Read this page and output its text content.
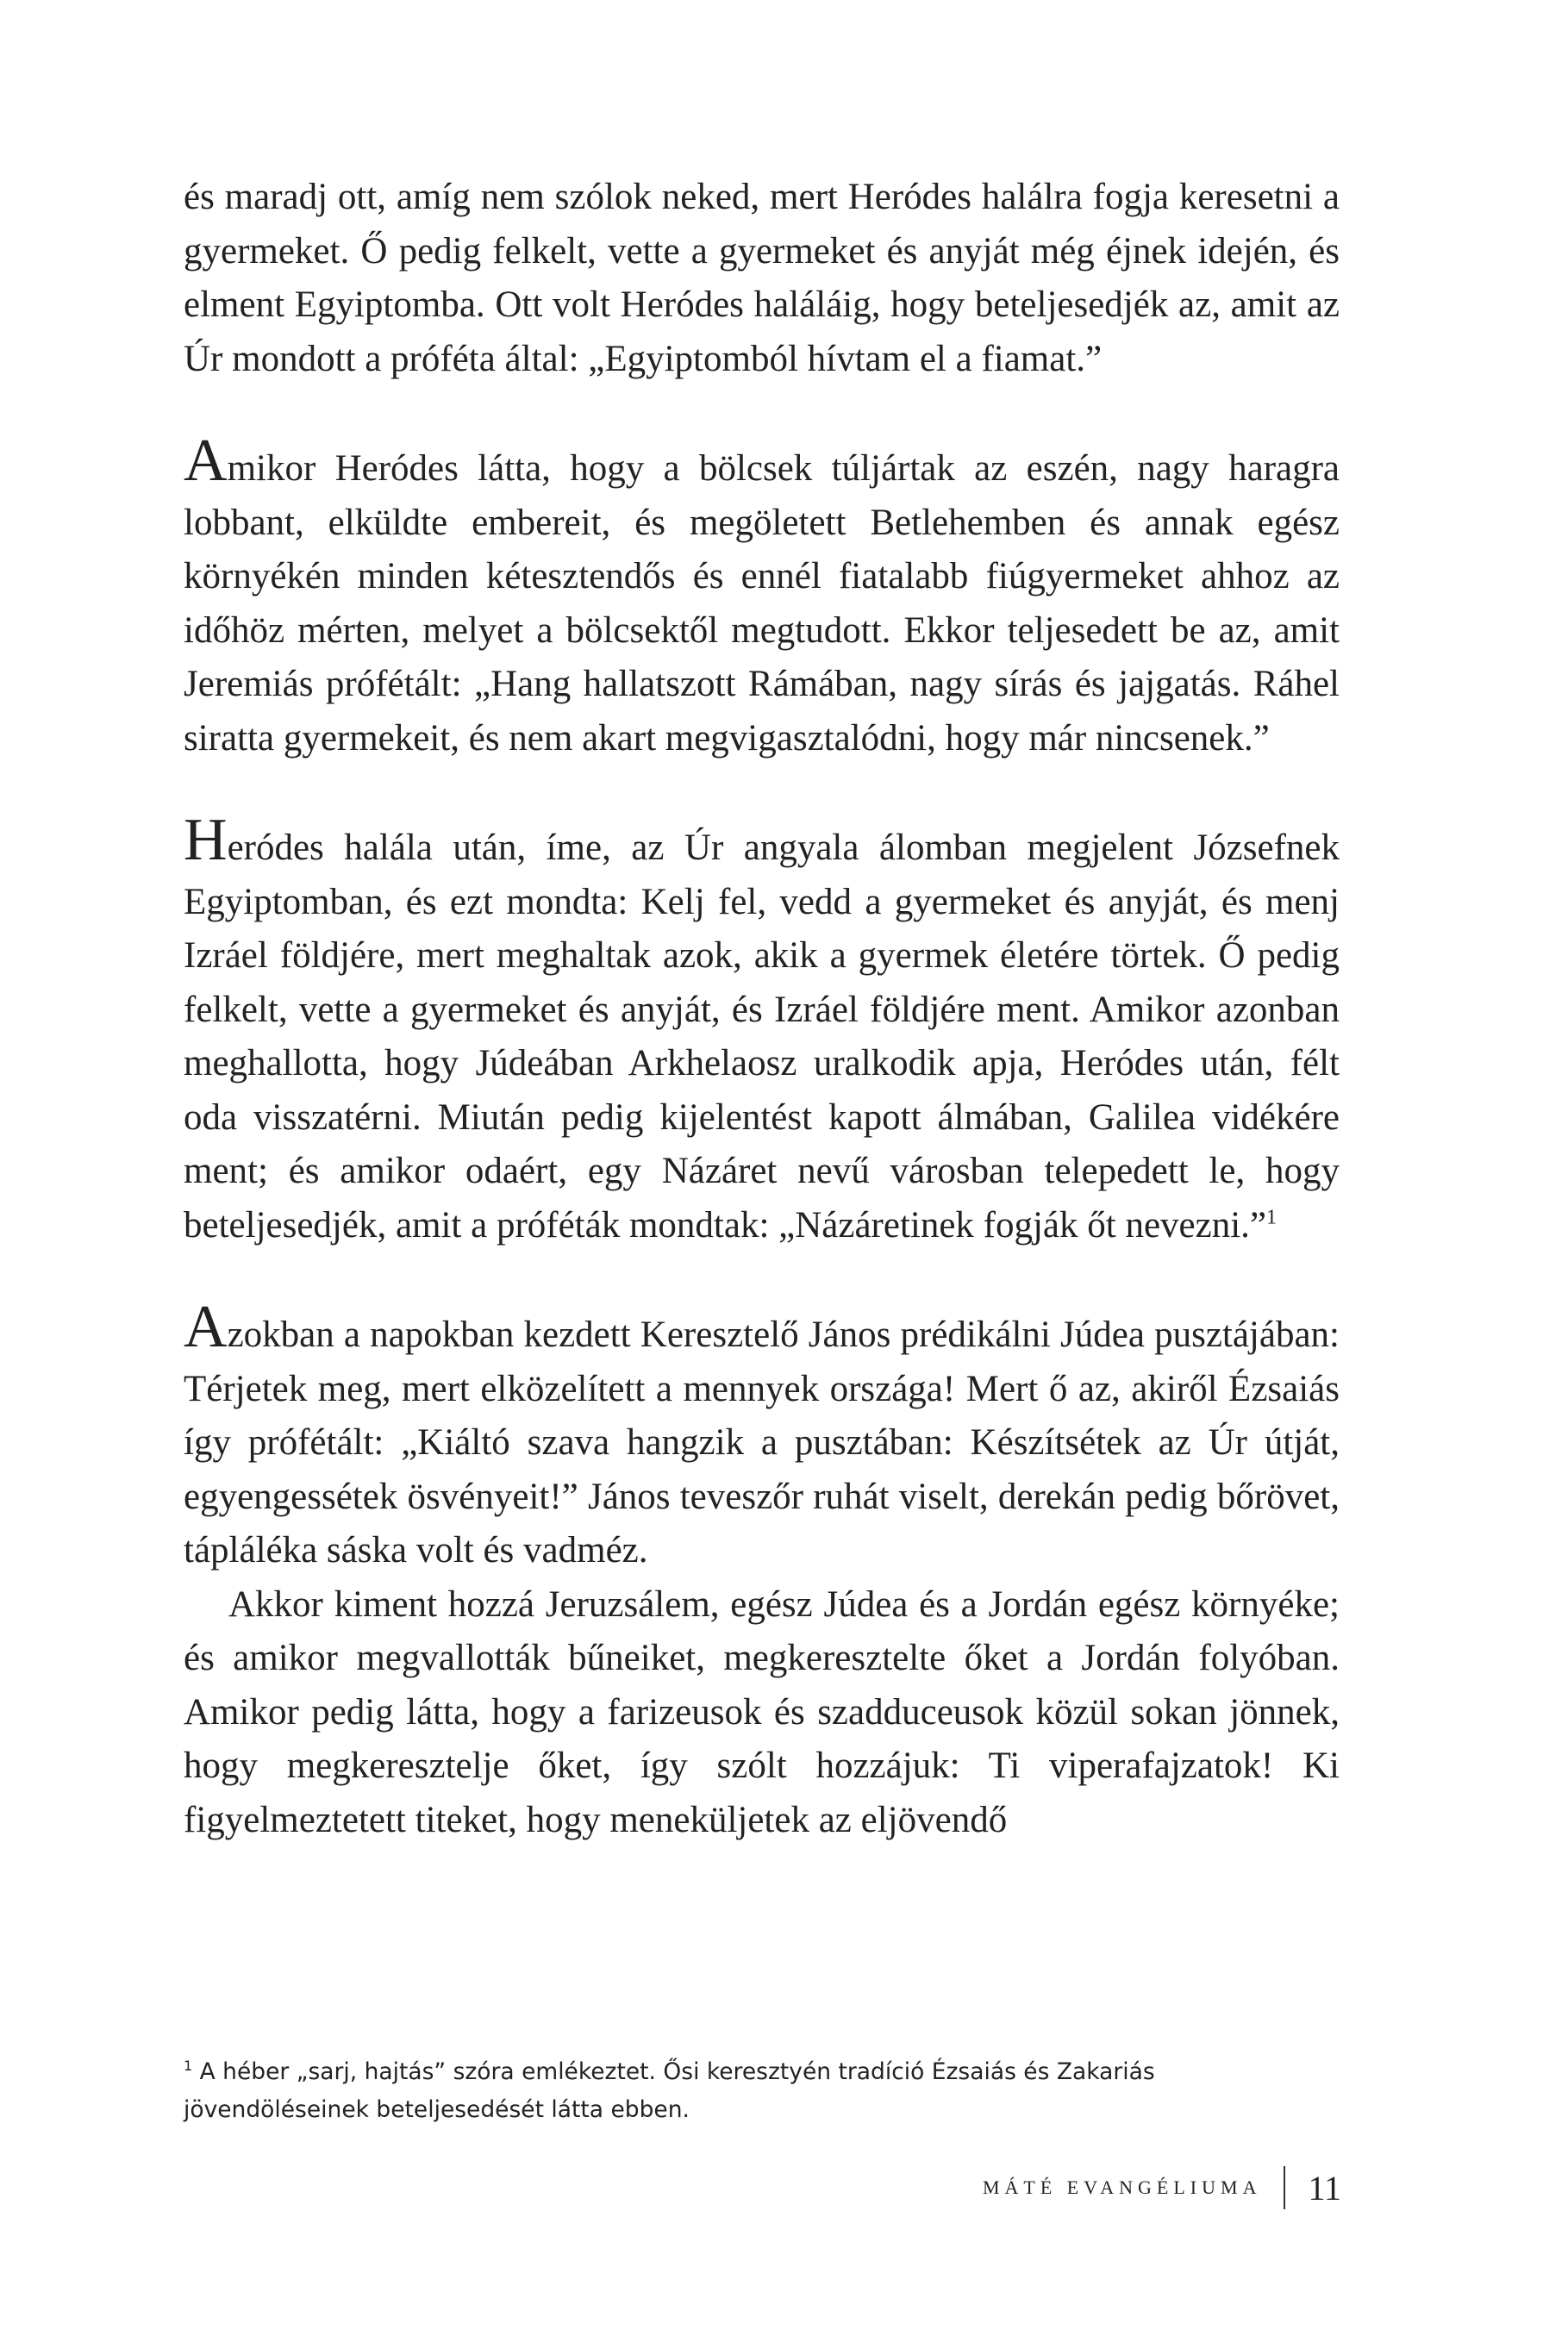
és maradj ott, amíg nem szólok neked, mert Heródes halálra fogja keresetni a gyermeket. Ő pedig felkelt, vette a gyermeket és anyját még éjnek idején, és elment Egyiptomba. Ott volt Heródes haláláig, hogy beteljesedjék az, amit az Úr mondott a próféta által: „Egyiptomból hívtam el a fiamat.”

Amikor Heródes látta, hogy a bölcsek túljártak az eszén, nagy haragra lobbant, elküldte embereit, és megöletett Betlehemben és annak egész környékén minden kétesztendős és ennél fiatalabb fiúgyermeket ahhoz az időhöz mérten, melyet a bölcsektől megtudott. Ekkor teljesedett be az, amit Jeremiás prófétált: „Hang hallatszott Rámában, nagy sírás és jajgatás. Ráhel siratta gyermekeit, és nem akart megvigasztalódni, hogy már nincsenek.”

Heródes halála után, íme, az Úr angyala álomban megjelent Józsefnek Egyiptomban, és ezt mondta: Kelj fel, vedd a gyermeket és anyját, és menj Izráel földjére, mert meghaltak azok, akik a gyermek életére törtek. Ő pedig felkelt, vette a gyermeket és anyját, és Izráel földjére ment. Amikor azonban meghallotta, hogy Júdeában Arkhelaosz uralkodik apja, Heródes után, félt oda visszatérni. Miután pedig kijelentést kapott álmában, Galilea vidékére ment; és amikor odaért, egy Názáret nevű városban telepedett le, hogy beteljesedjék, amit a próféták mondtak: „Názáretinek fogják őt nevezni.”$^1$

Azokban a napokban kezdett Keresztelő János prédikálni Júdea pusztájában: Térjetek meg, mert elközelített a mennyek országa! Mert ő az, akiről Ézsaiás így prófétált: „Kiáltó szava hangzik a pusztában: Készítsétek az Úr útját, egyengessétek ösvényeit!” János teveszőr ruhát viselt, derekán pedig bőrövet, tápláléka sáska volt és vadméz.

Akkor kiment hozzá Jeruzsálem, egész Júdea és a Jordán egész környéke; és amikor megvallották bűneiket, megkeresztelte őket a Jordán folyóban. Amikor pedig látta, hogy a farizeusok és szadduceusok közül sokan jönnek, hogy megkeresztelje őket, így szólt hozzájuk: Ti viperafajzatok! Ki figyelmeztetett titeket, hogy meneküljetek az eljövendő

$^1$ A héber „sarj, hajtás” szóra emlékeztet. Ősi keresztyén tradíció Ézsaiás és Zakariás jövendöléseinek beteljesedését látta ebben.
MÁTÉ EVANGÉLIUMA 11
